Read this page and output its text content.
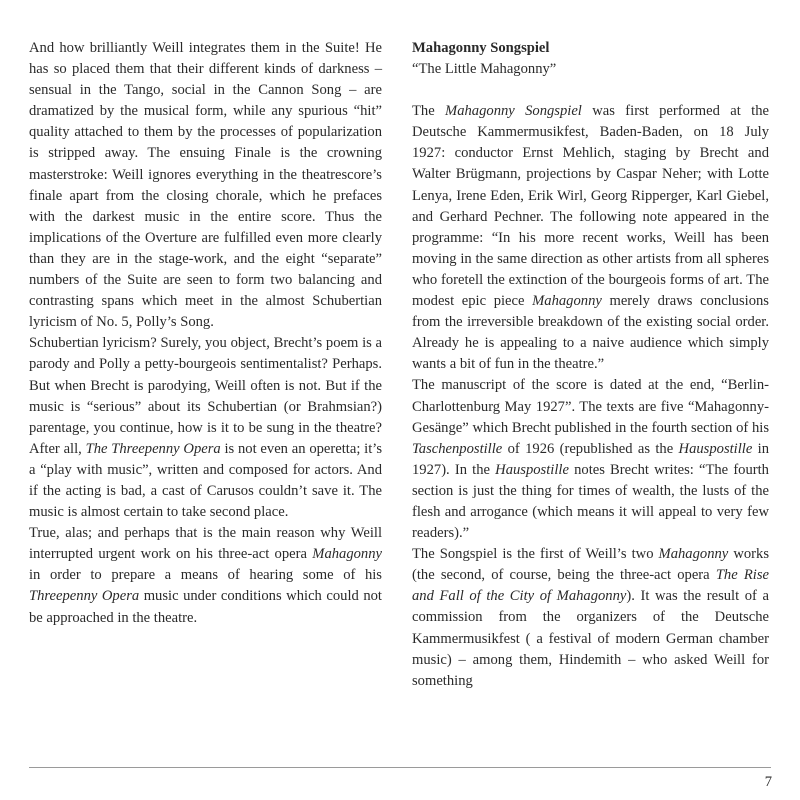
And how brilliantly Weill integrates them in the Suite! He has so placed them that their different kinds of darkness – sensual in the Tango, social in the Cannon Song – are dramatized by the musical form, while any spurious “hit” quality attached to them by the processes of popularization is stripped away. The ensuing Finale is the crowning masterstroke: Weill ignores everything in the theatrescore’s finale apart from the closing chorale, which he prefaces with the darkest music in the entire score. Thus the implications of the Overture are fulfilled even more clearly than they are in the stage-work, and the eight “separate” numbers of the Suite are seen to form two balancing and contrasting spans which meet in the almost Schubertian lyricism of No. 5, Polly’s Song.

Schubertian lyricism? Surely, you object, Brecht’s poem is a parody and Polly a petty-bourgeois sentimentalist? Perhaps. But when Brecht is parodying, Weill often is not. But if the music is “serious” about its Schubertian (or Brahmsian?) parentage, you continue, how is it to be sung in the theatre? After all, The Threepenny Opera is not even an operetta; it’s a “play with music”, written and composed for actors. And if the acting is bad, a cast of Carusos couldn’t save it. The music is almost certain to take second place.

True, alas; and perhaps that is the main reason why Weill interrupted urgent work on his three-act opera Mahagonny in order to prepare a means of hearing some of his Threepenny Opera music under conditions which could not be approached in the theatre.

Mahagonny Songspiel

“The Little Mahagonny”

The Mahagonny Songspiel was first performed at the Deutsche Kammermusikfest, Baden-Baden, on 18 July 1927: conductor Ernst Mehlich, staging by Brecht and Walter Brügmann, projections by Caspar Neher; with Lotte Lenya, Irene Eden, Erik Wirl, Georg Ripperger, Karl Giebel, and Gerhard Pechner. The following note appeared in the programme: “In his more recent works, Weill has been moving in the same direction as other artists from all spheres who foretell the extinction of the bourgeois forms of art. The modest epic piece Mahagonny merely draws conclusions from the irreversible breakdown of the existing social order. Already he is appealing to a naive audience which simply wants a bit of fun in the theatre.”

The manuscript of the score is dated at the end, “Berlin-Charlottenburg May 1927”. The texts are five “Mahagonny-Gesänge” which Brecht published in the fourth section of his Taschenpostille of 1926 (republished as the Hauspostille in 1927). In the Hauspostille notes Brecht writes: “The fourth section is just the thing for times of wealth, the lusts of the flesh and arrogance (which means it will appeal to very few readers).”

The Songspiel is the first of Weill’s two Mahagonny works (the second, of course, being the three-act opera The Rise and Fall of the City of Mahagonny). It was the result of a commission from the organizers of the Deutsche Kammermusikfest ( a festival of modern German chamber music) – among them, Hindemith – who asked Weill for something

7
